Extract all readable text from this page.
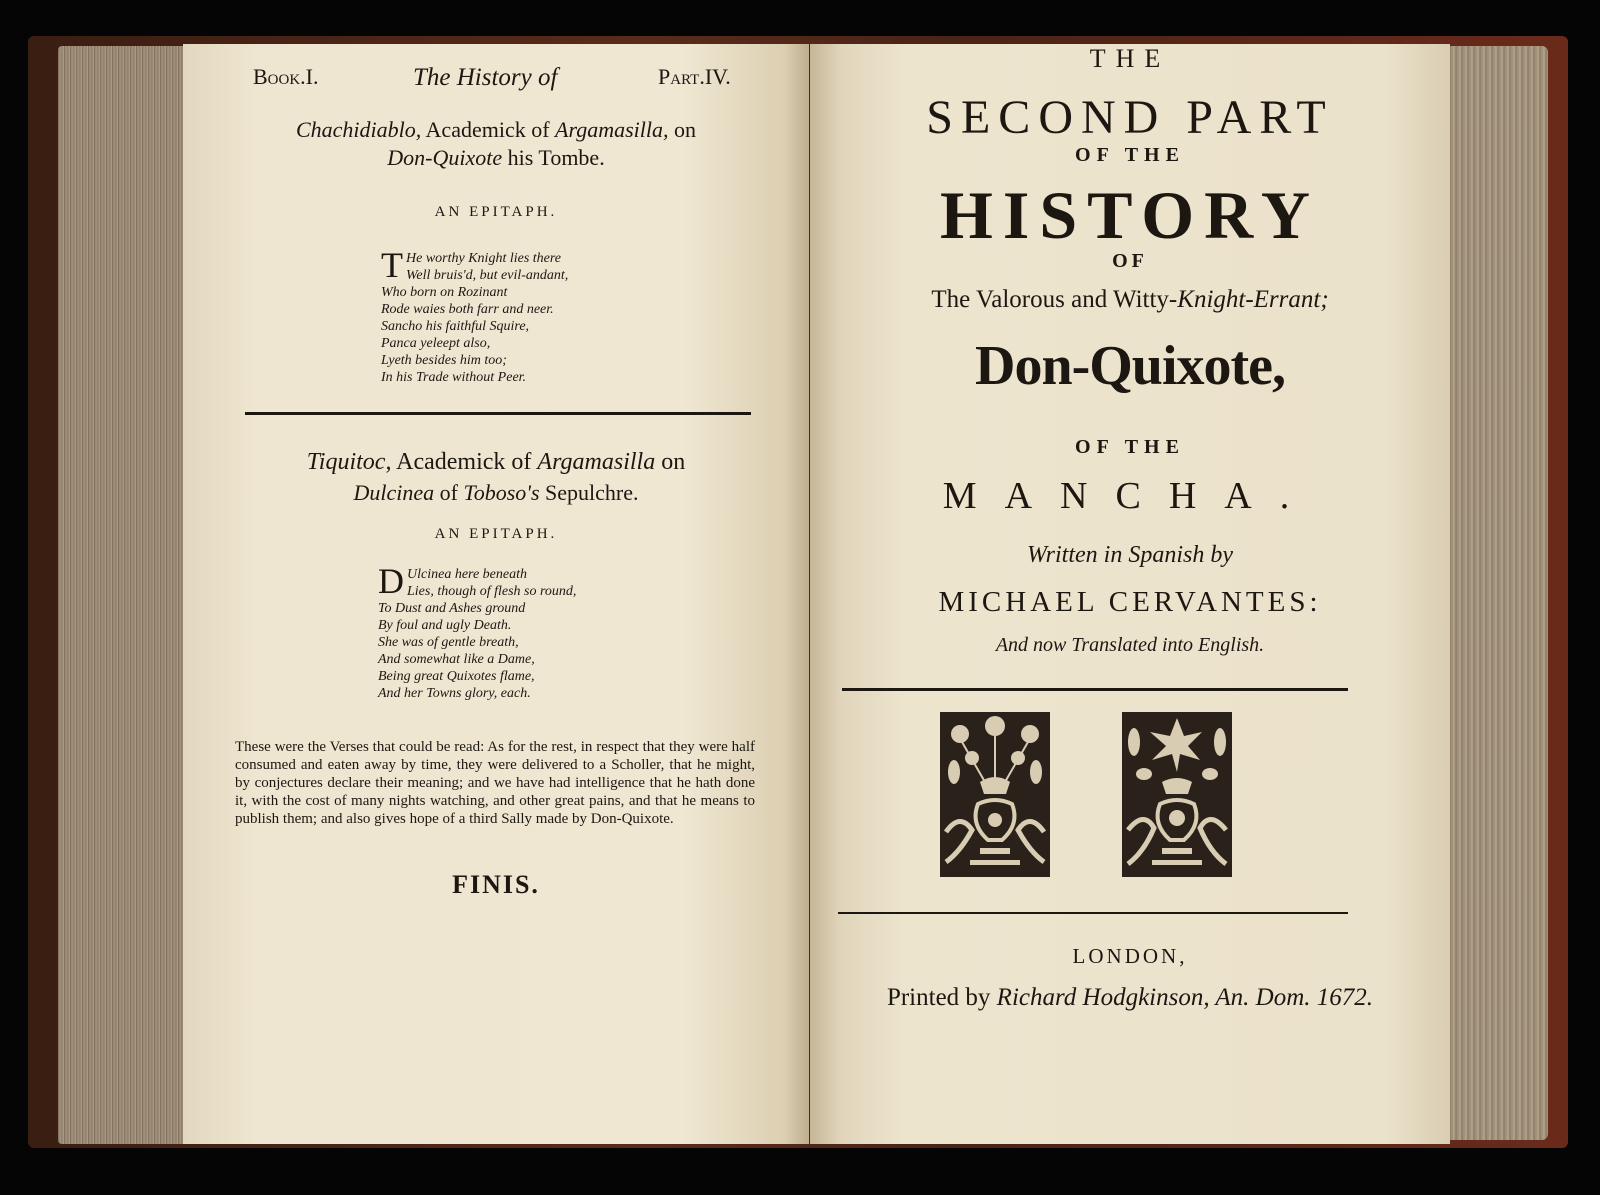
Book.I.	The History of	Part.IV.
Chachidiablo, Academick of Argamasilla, on
Don-Quixote his Tombe.
AN EPITAPH.
T He worthy Knight lies there
Well bruis'd, but evil-andant,
Who born on Rozinant
Rode waies both farr and neer.
Sancho his faithful Squire,
Panca yeleept also,
Lyeth besides him too;
In his Trade without Peer.
Tiquitoc, Academick of Argamasilla on
Dulcinea of Toboso's Sepulchre.
AN EPITAPH.
D Ulcinea here beneath
Lies, though of flesh so round,
To Dust and Ashes ground
By foul and ugly Death.
She was of gentle breath,
And somewhat like a Dame,
Being great Quixotes flame,
And her Towns glory, each.
These were the Verses that could be read: As for the rest, in respect that they were half consumed and eaten away by time, they were delivered to a Scholler, that he might, by conjectures declare their meaning; and we have had intelligence that he hath done it, with the cost of many nights watching, and other great pains, and that he means to publish them; and also gives hope of a third Sally made by Don-Quixote.
FINIS.
THE
SECOND PART
OF THE
HISTORY
OF
The Valorous and Witty-Knight-Errant;
Don-Quixote,
OF THE
MANCHA.
Written in Spanish by
MICHAEL CERVANTES:
And now Translated into English.
LONDON,
Printed by Richard Hodgkinson, An. Dom. 1672.
